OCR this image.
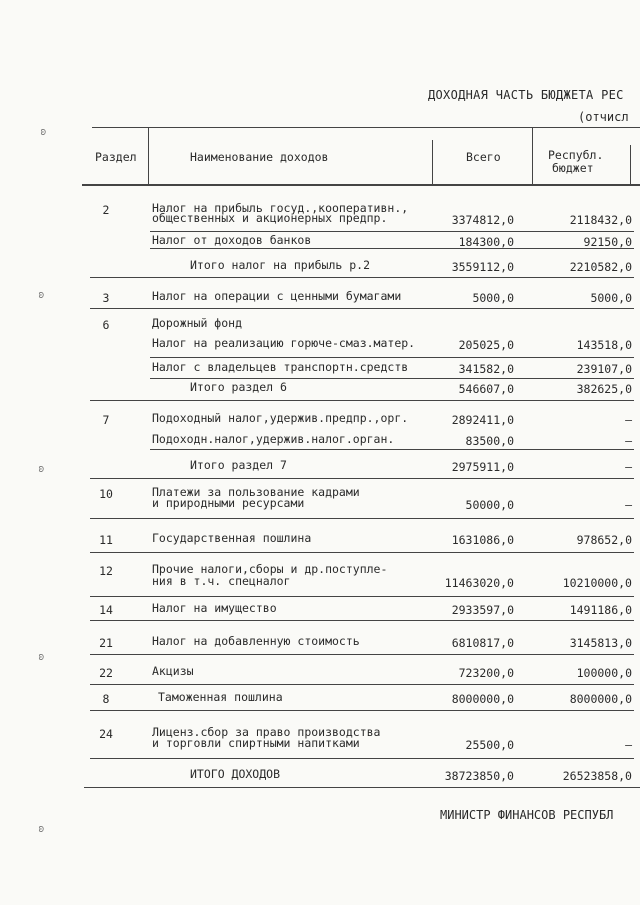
ДОХОДНАЯ ЧАСТЬ БЮДЖЕТА РЕС
(отчисл
ʚ
ʚ
ʚ
ʚ
ʚ
Раздел	Наименование доходов	Всего	Республ.
бюджет
2	Налог на прибыль госуд.,кооперативн.,
общественных и акционерных предпр.	3374812,0	2118432,0
Налог от доходов банков	184300,0	92150,0
Итого налог на прибыль р.2	3559112,0	2210582,0
3	Налог на операции с ценными бумагами	5000,0	5000,0
6	Дорожный фонд
Налог на реализацию горюче-смаз.матер.	205025,0	143518,0
Налог с владельцев транспортн.средств	341582,0	239107,0
Итого раздел 6	546607,0	382625,0
7	Подоходный налог,удержив.предпр.,орг.	2892411,0	–
Подоходн.налог,удержив.налог.орган.	83500,0	–
Итого раздел 7	2975911,0	–
10	Платежи за пользование кадрами
и природными ресурсами	50000,0	–
11	Государственная пошлина	1631086,0	978652,0
12	Прочие налоги,сборы и др.поступле-
ния в т.ч. спецналог	11463020,0	10210000,0
14	Налог на имущество	2933597,0	1491186,0
21	Налог на добавленную стоимость	6810817,0	3145813,0
22	Акцизы	723200,0	100000,0
8	Таможенная пошлина	8000000,0	8000000,0
24	Лиценз.сбор за право производства
и торговли спиртными напитками	25500,0	–
ИТОГО ДОХОДОВ	38723850,0	26523858,0
МИНИСТР ФИНАНСОВ РЕСПУБЛ
